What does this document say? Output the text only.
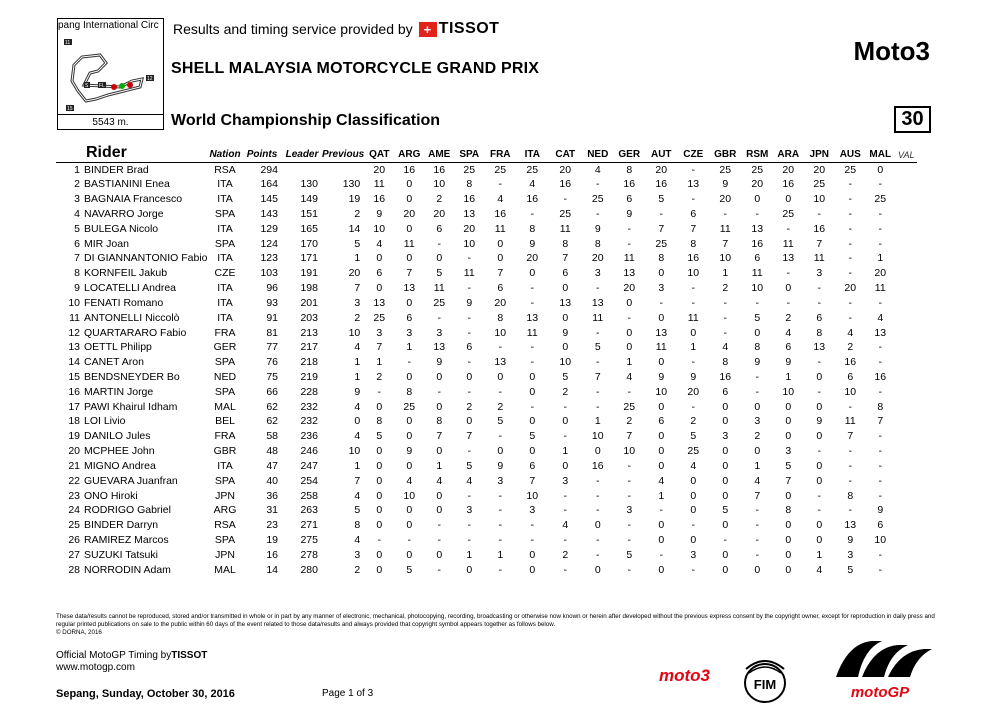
pang International Circ
11
12
15
S FL
5543 m.
Results and timing service provided by + TISSOT
SHELL MALAYSIA MOTORCYCLE GRAND PRIX
Moto3
World Championship Classification	30
Rider		Nation	Points	Leader	Previous	QAT	ARG	AME	SPA	FRA	ITA	CAT	NED	GER	AUT	CZE	GBR	RSM	ARA	JPN	AUS	MAL	VAL
1	BINDER Brad	RSA	294			20	16	16	25	25	25	20	4	8	20	-	25	25	20	20	25	0	
2	BASTIANINI Enea	ITA	164	130	130	11	0	10	8	-	4	16	-	16	16	13	9	20	16	25	-	-	
3	BAGNAIA Francesco	ITA	145	149	19	16	0	2	16	4	16	-	25	6	5	-	20	0	0	10	-	25	
4	NAVARRO Jorge	SPA	143	151	2	9	20	20	13	16	-	25	-	9	-	6	-	-	25	-	-	-	
5	BULEGA Nicolo	ITA	129	165	14	10	0	6	20	11	8	11	9	-	7	7	11	13	-	16	-	-	
6	MIR Joan	SPA	124	170	5	4	11	-	10	0	9	8	8	-	25	8	7	16	11	7	-	-	
7	DI GIANNANTONIO Fabio	ITA	123	171	1	0	0	0	-	0	20	7	20	11	8	16	10	6	13	11	-	1	
8	KORNFEIL Jakub	CZE	103	191	20	6	7	5	11	7	0	6	3	13	0	10	1	11	-	3	-	20	
9	LOCATELLI Andrea	ITA	96	198	7	0	13	11	-	6	-	0	-	20	3	-	2	10	0	-	20	11	
10	FENATI Romano	ITA	93	201	3	13	0	25	9	20	-	13	13	0	-	-	-	-	-	-	-	-	
11	ANTONELLI Niccolò	ITA	91	203	2	25	6	-	-	8	13	0	11	-	0	11	-	5	2	6	-	4	
12	QUARTARARO Fabio	FRA	81	213	10	3	3	3	-	10	11	9	-	0	13	0	-	0	4	8	4	13	
13	OETTL Philipp	GER	77	217	4	7	1	13	6	-	-	0	5	0	11	1	4	8	6	13	2	-	
14	CANET Aron	SPA	76	218	1	1	-	9	-	13	-	10	-	1	0	-	8	9	9	-	16	-	
15	BENDSNEYDER Bo	NED	75	219	1	2	0	0	0	0	0	5	7	4	9	9	16	-	1	0	6	16	
16	MARTIN Jorge	SPA	66	228	9	-	8	-	-	-	0	2	-	-	10	20	6	-	10	-	10	-	
17	PAWI Khairul Idham	MAL	62	232	4	0	25	0	2	2	-	-	-	25	0	-	0	0	0	0	-	8	
18	LOI Livio	BEL	62	232	0	8	0	8	0	5	0	0	1	2	6	2	0	3	0	9	11	7	
19	DANILO Jules	FRA	58	236	4	5	0	7	7	-	5	-	10	7	0	5	3	2	0	0	7	-	
20	MCPHEE John	GBR	48	246	10	0	9	0	-	0	0	1	0	10	0	25	0	0	3	-	-	-	
21	MIGNO Andrea	ITA	47	247	1	0	0	1	5	9	6	0	16	-	0	4	0	1	5	0	-	-	
22	GUEVARA Juanfran	SPA	40	254	7	0	4	4	4	3	7	3	-	-	4	0	0	4	7	0	-	-	
23	ONO Hiroki	JPN	36	258	4	0	10	0	-	-	10	-	-	-	1	0	0	7	0	-	8	-	
24	RODRIGO Gabriel	ARG	31	263	5	0	0	0	3	-	3	-	-	3	-	0	5	-	8	-	-	9	
25	BINDER Darryn	RSA	23	271	8	0	0	-	-	-	-	4	0	-	0	-	0	-	0	0	13	6	
26	RAMIREZ Marcos	SPA	19	275	4	-	-	-	-	-	-	-	-	-	0	0	-	-	0	0	9	10	
27	SUZUKI Tatsuki	JPN	16	278	3	0	0	0	1	1	0	2	-	5	-	3	0	-	0	1	3	-	
28	NORRODIN Adam	MAL	14	280	2	0	5	-	0	-	0	-	0	-	0	-	0	0	0	4	5	-	
These data/results cannot be reproduced, stored and/or transmitted in whole or in part by any manner of electronic, mechanical, photocopying, recording, broadcasting or otherwise now known or herein after developed without the previous express consent by the copyright owner, except for reproduction in daily press and regular printed publications on sale to the public within 60 days of the event related to those data/results and always provided that copyright symbol appears together as follows below.
© DORNA, 2016
Official MotoGP Timing byTISSOT
www.motogp.com
Sepang, Sunday, October 30, 2016	Page 1 of 3
moto3	FIM	motoGP
